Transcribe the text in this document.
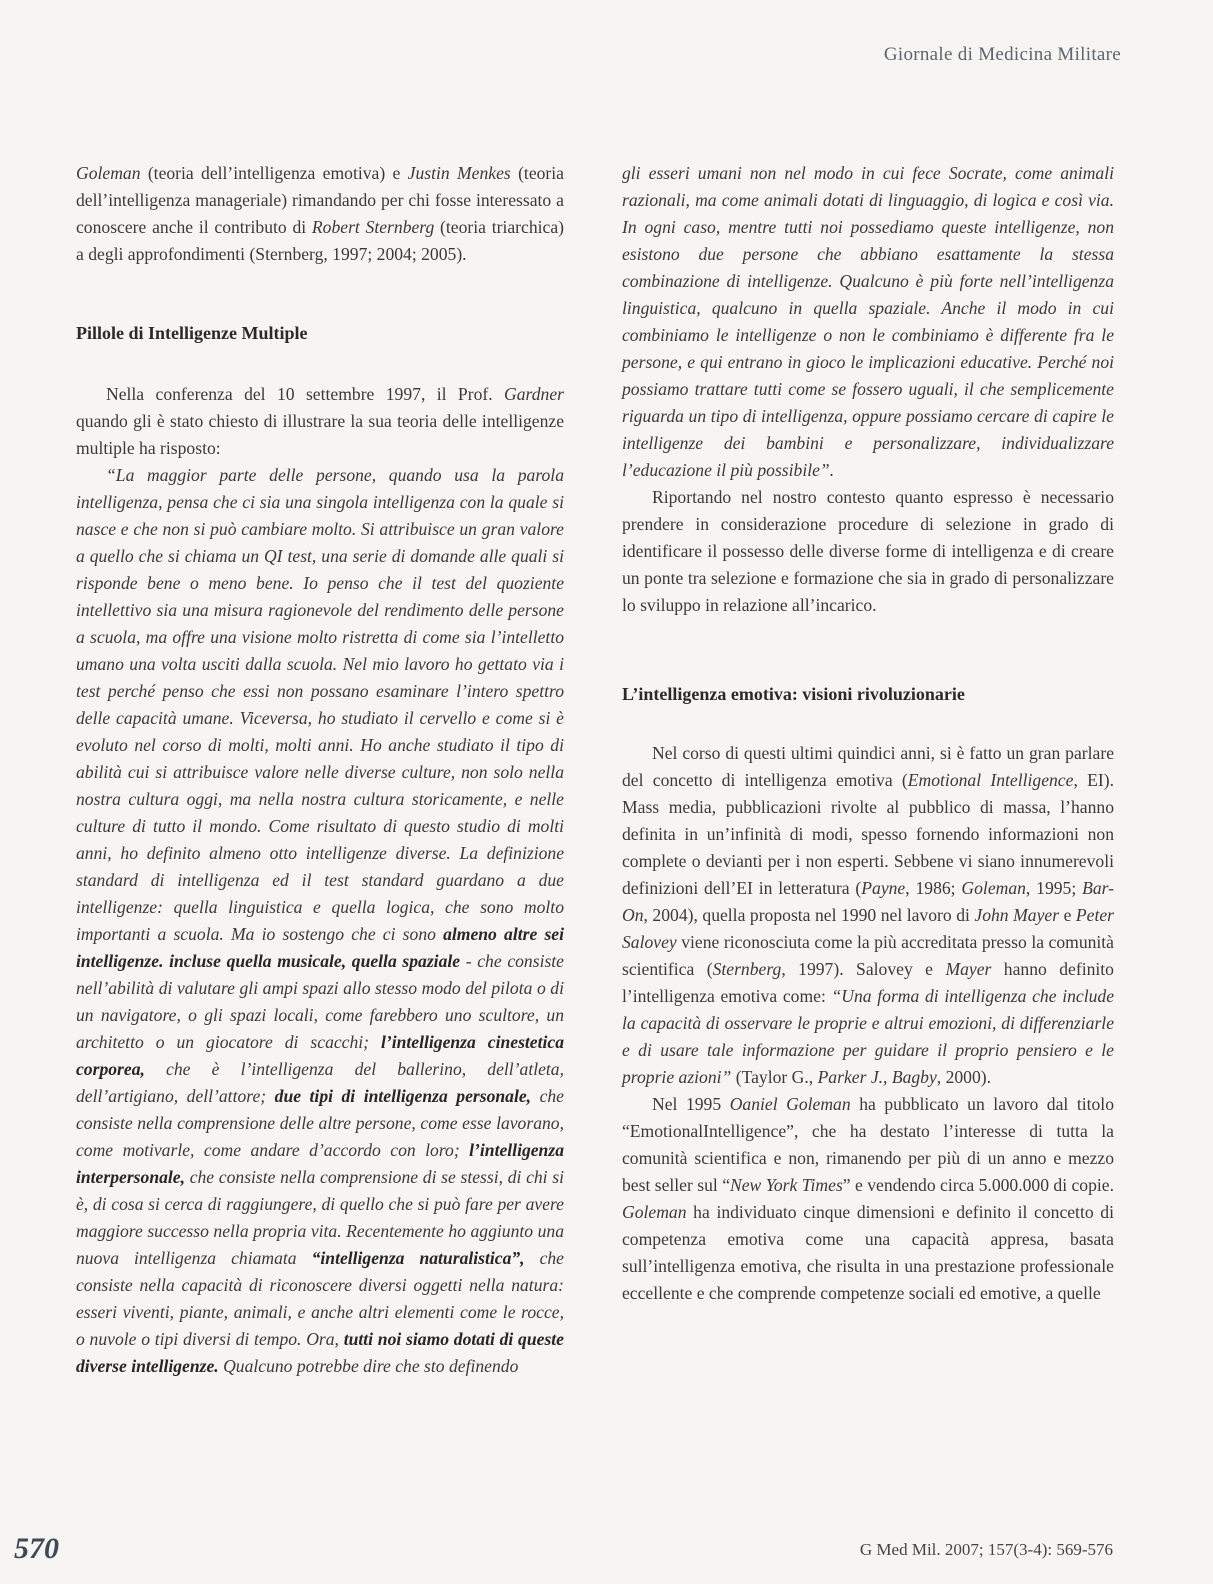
Giornale di Medicina Militare

Goleman (teoria dell’intelligenza emotiva) e Justin Menkes (teoria dell’intelligenza manageriale) rimandando per chi fosse interessato a conoscere anche il contributo di Robert Sternberg (teoria triarchica) a degli approfondimenti (Sternberg, 1997; 2004; 2005).

Pillole di Intelligenze Multiple

Nella conferenza del 10 settembre 1997, il Prof. Gardner quando gli è stato chiesto di illustrare la sua teoria delle intelligenze multiple ha risposto:

“La maggior parte delle persone, quando usa la parola intelligenza, pensa che ci sia una singola intelligenza con la quale si nasce e che non si può cambiare molto. Si attribuisce un gran valore a quello che si chiama un QI test, una serie di domande alle quali si risponde bene o meno bene. Io penso che il test del quoziente intellettivo sia una misura ragionevole del rendimento delle persone a scuola, ma offre una visione molto ristretta di come sia l’intelletto umano una volta usciti dalla scuola. Nel mio lavoro ho gettato via i test perché penso che essi non possano esaminare l’intero spettro delle capacità umane. Viceversa, ho studiato il cervello e come si è evoluto nel corso di molti, molti anni. Ho anche studiato il tipo di abilità cui si attribuisce valore nelle diverse culture, non solo nella nostra cultura oggi, ma nella nostra cultura storicamente, e nelle culture di tutto il mondo. Come risultato di questo studio di molti anni, ho definito almeno otto intelligenze diverse. La definizione standard di intelligenza ed il test standard guardano a due intelligenze: quella linguistica e quella logica, che sono molto importanti a scuola. Ma io sostengo che ci sono almeno altre sei intelligenze. incluse quella musicale, quella spaziale - che consiste nell’abilità di valutare gli ampi spazi allo stesso modo del pilota o di un navigatore, o gli spazi locali, come farebbero uno scultore, un architetto o un giocatore di scacchi; l’intelligenza cinestetica corporea, che è l’intelligenza del ballerino, dell’atleta, dell’artigiano, dell’attore; due tipi di intelligenza personale, che consiste nella comprensione delle altre persone, come esse lavorano, come motivarle, come andare d’accordo con loro; l’intelligenza interpersonale, che consiste nella comprensione di se stessi, di chi si è, di cosa si cerca di raggiungere, di quello che si può fare per avere maggiore successo nella propria vita. Recentemente ho aggiunto una nuova intelligenza chiamata “intelligenza naturalistica”, che consiste nella capacità di riconoscere diversi oggetti nella natura: esseri viventi, piante, animali, e anche altri elementi come le rocce, o nuvole o tipi diversi di tempo. Ora, tutti noi siamo dotati di queste diverse intelligenze. Qualcuno potrebbe dire che sto definendo

gli esseri umani non nel modo in cui fece Socrate, come animali razionali, ma come animali dotati di linguaggio, di logica e così via. In ogni caso, mentre tutti noi possediamo queste intelligenze, non esistono due persone che abbiano esattamente la stessa combinazione di intelligenze. Qualcuno è più forte nell’intelligenza linguistica, qualcuno in quella spaziale. Anche il modo in cui combiniamo le intelligenze o non le combiniamo è differente fra le persone, e qui entrano in gioco le implicazioni educative. Perché noi possiamo trattare tutti come se fossero uguali, il che semplicemente riguarda un tipo di intelligenza, oppure possiamo cercare di capire le intelligenze dei bambini e personalizzare, individualizzare l’educazione il più possibile”.

Riportando nel nostro contesto quanto espresso è necessario prendere in considerazione procedure di selezione in grado di identificare il possesso delle diverse forme di intelligenza e di creare un ponte tra selezione e formazione che sia in grado di personalizzare lo sviluppo in relazione all’incarico.

L’intelligenza emotiva: visioni rivoluzionarie

Nel corso di questi ultimi quindici anni, si è fatto un gran parlare del concetto di intelligenza emotiva (Emotional Intelligence, EI). Mass media, pubblicazioni rivolte al pubblico di massa, l’hanno definita in un’infinità di modi, spesso fornendo informazioni non complete o devianti per i non esperti. Sebbene vi siano innumerevoli definizioni dell’EI in letteratura (Payne, 1986; Goleman, 1995; Bar-On, 2004), quella proposta nel 1990 nel lavoro di John Mayer e Peter Salovey viene riconosciuta come la più accreditata presso la comunità scientifica (Sternberg, 1997). Salovey e Mayer hanno definito l’intelligenza emotiva come: “Una forma di intelligenza che include la capacità di osservare le proprie e altrui emozioni, di differenziarle e di usare tale informazione per guidare il proprio pensiero e le proprie azioni” (Taylor G., Parker J., Bagby, 2000).

Nel 1995 Oaniel Goleman ha pubblicato un lavoro dal titolo “EmotionalIntelligence”, che ha destato l’interesse di tutta la comunità scientifica e non, rimanendo per più di un anno e mezzo best seller sul “New York Times” e vendendo circa 5.000.000 di copie. Goleman ha individuato cinque dimensioni e definito il concetto di competenza emotiva come una capacità appresa, basata sull’intelligenza emotiva, che risulta in una prestazione professionale eccellente e che comprende competenze sociali ed emotive, a quelle

570	G Med Mil. 2007; 157(3-4): 569-576
